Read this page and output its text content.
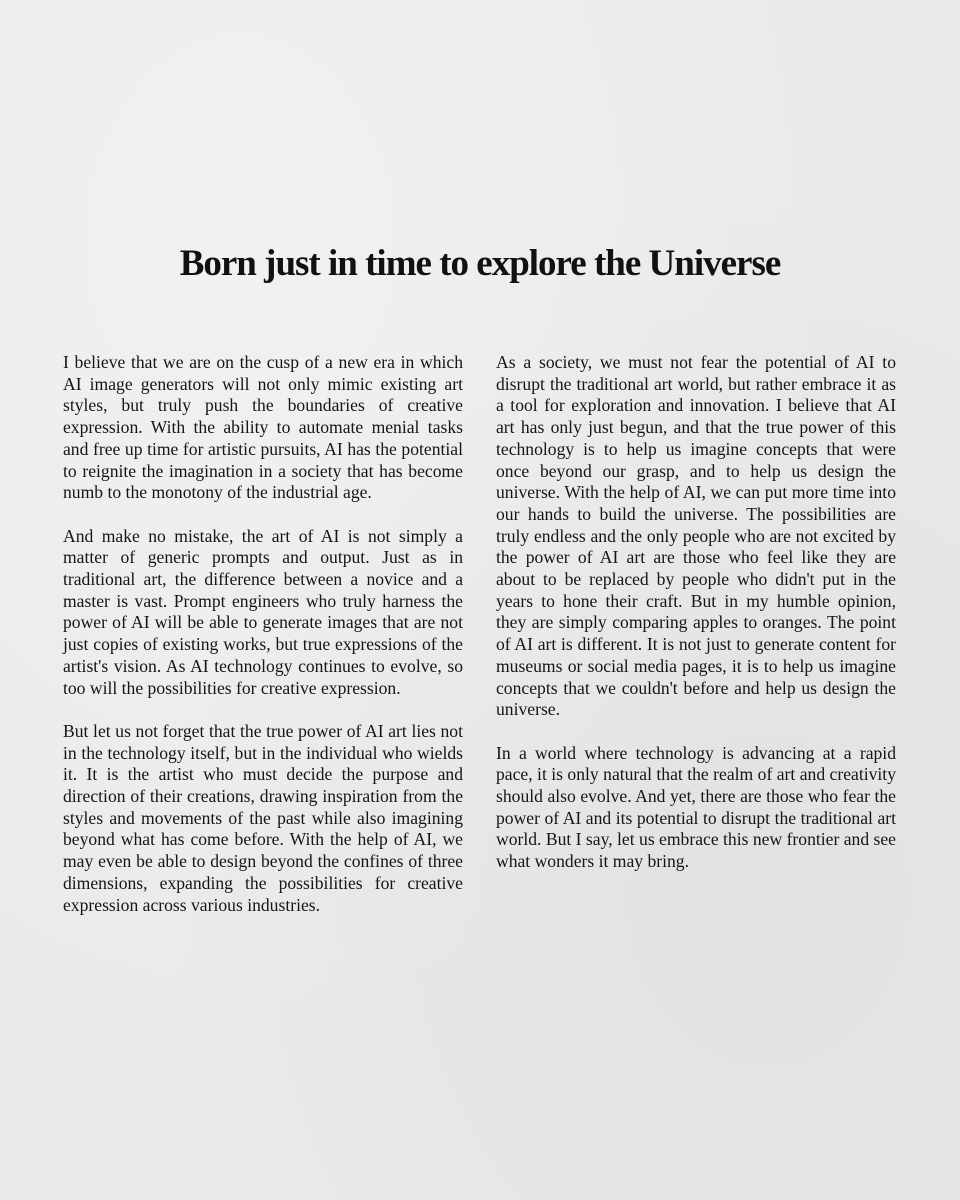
Born just in time to explore the Universe

I believe that we are on the cusp of a new era in which AI image generators will not only mimic existing art styles, but truly push the boundaries of creative expression. With the ability to automate menial tasks and free up time for artistic pursuits, AI has the potential to reignite the imagination in a society that has become numb to the monotony of the industrial age.

And make no mistake, the art of AI is not simply a matter of generic prompts and output. Just as in traditional art, the difference between a novice and a master is vast. Prompt engineers who truly harness the power of AI will be able to generate images that are not just copies of existing works, but true expressions of the artist's vision. As AI technology continues to evolve, so too will the possibilities for creative expression.

But let us not forget that the true power of AI art lies not in the technology itself, but in the individual who wields it. It is the artist who must decide the purpose and direction of their creations, drawing inspiration from the styles and movements of the past while also imagining beyond what has come before. With the help of AI, we may even be able to design beyond the confines of three dimensions, expanding the possibilities for creative expression across various industries.

As a society, we must not fear the potential of AI to disrupt the traditional art world, but rather embrace it as a tool for exploration and innovation. I believe that AI art has only just begun, and that the true power of this technology is to help us imagine concepts that were once beyond our grasp, and to help us design the universe. With the help of AI, we can put more time into our hands to build the universe. The possibilities are truly endless and the only people who are not excited by the power of AI art are those who feel like they are about to be replaced by people who didn't put in the years to hone their craft. But in my humble opinion, they are simply comparing apples to oranges. The point of AI art is different. It is not just to generate content for museums or social media pages, it is to help us imagine concepts that we couldn't before and help us design the universe.

In a world where technology is advancing at a rapid pace, it is only natural that the realm of art and creativity should also evolve. And yet, there are those who fear the power of AI and its potential to disrupt the traditional art world. But I say, let us embrace this new frontier and see what wonders it may bring.
